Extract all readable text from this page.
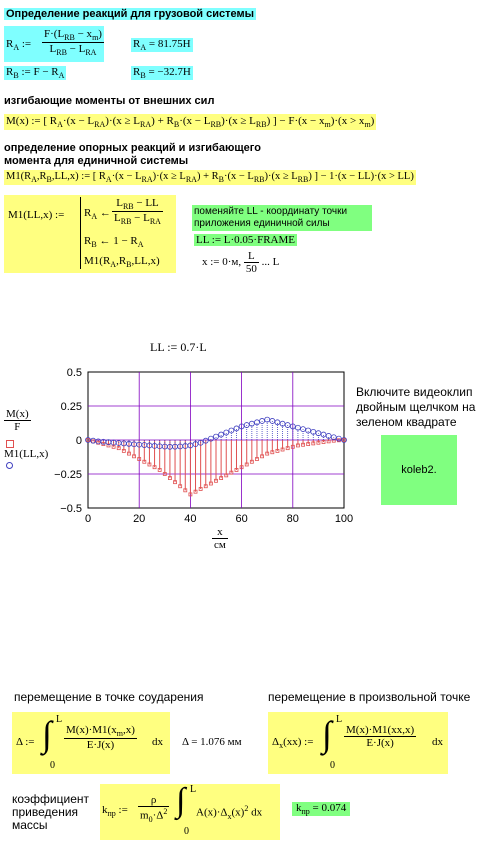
Определение реакций для грузовой системы
$R_A$ :=
$F\cdot(L_{RB} - x_m)$
$L_{RB} - L_{RA}$
$R_A = 81.75H$
$R_B$ := $F - R_A$	$R_B = -32.7H$
изгибающие моменты от внешних сил
M(x) := [ $R_A\cdot(x - L_{RA})\cdot(x \ge L_{RA}) + R_B\cdot(x - L_{RB})\cdot(x \ge L_{RB})$ ] − $F\cdot(x - x_m)\cdot(x > x_m)$
определение опорных реакций и изгибающего
момента для единичной системы
$M1(R_A,R_B,LL,x)$ := [ $R_A\cdot(x - L_{RA})\cdot(x \ge L_{RA}) + R_B\cdot(x - L_{RB})\cdot(x \ge L_{RB})$ ] − 1·(x − LL)·(x > LL)
M1(LL,x) := $R_A$ ←
$L_{RB}$ − LL
$L_{RB} - L_{RA}$
$R_B$ ← $1 - R_A$
$M1(R_A,R_B,LL,x)$
поменяйте LL - координату точки
приложения единичной силы
LL := L·0.05·FRAME
x := 0·м, $\frac{L}{50}$ ... L
LL := 0.7·L
0.5
0.25
0
−0.25
−0.5
0	20	40	60	80	100
$\frac{M(x)}{F}$
M1(LL,x)
$\frac{x}{см}$
Включите видеоклип
двойным щелчком на
зеленом квадрате
koleb2.
перемещение в точке соударения	перемещение в произвольной точке
Δ := ∫ L
0
$\frac{M(x)\cdot M1(x_m,x)}{E\cdot J(x)}$ dx Δ = 1.076 мм	$\Delta_x(xx)$ := ∫ L
0
$\frac{M(x)\cdot M1(xx,x)}{E\cdot J(x)}$ dx
коэффициент
приведения
массы
$k_{пр}$ := $\frac{\rho}{m_0\cdot\Delta^2}$ ∫ L
0
$A(x)\cdot\Delta_x(x)^2$ dx	$k_{пр} = 0.074$
